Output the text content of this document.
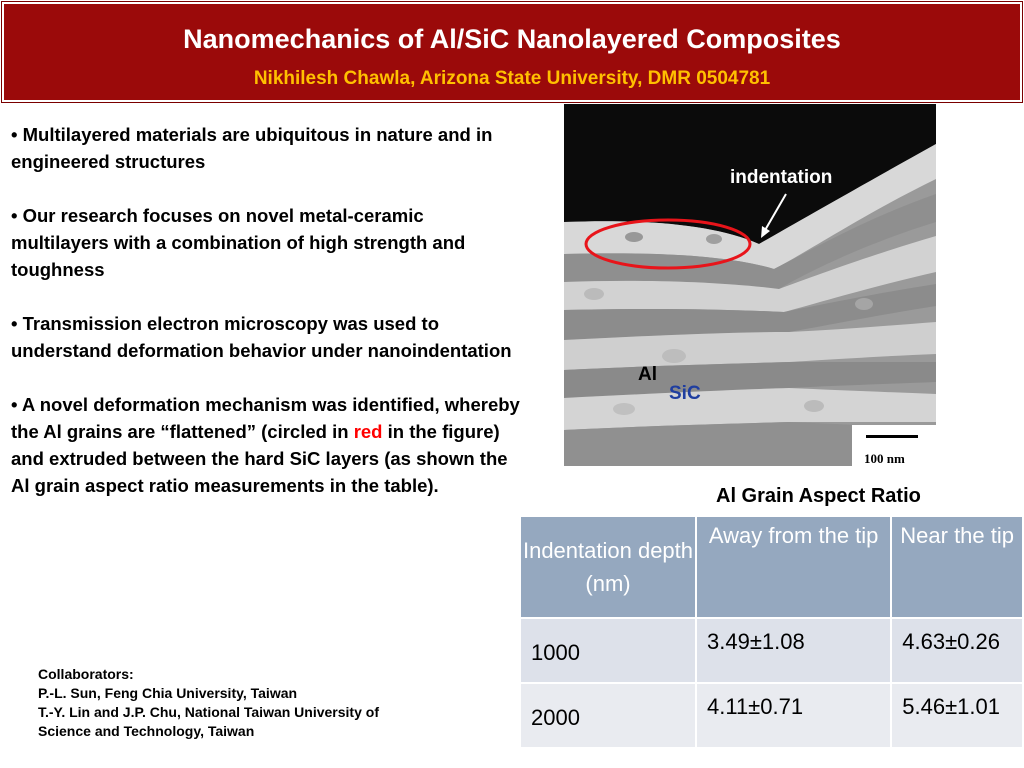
Nanomechanics of Al/SiC Nanolayered Composites
Nikhilesh Chawla, Arizona State University, DMR 0504781

• Multilayered materials are ubiquitous in nature and in engineered structures

• Our research focuses on novel metal-ceramic multilayers with a combination of high strength and toughness

• Transmission electron microscopy was used to understand deformation behavior under nanoindentation

• A novel deformation mechanism was identified, whereby the Al grains are “flattened” (circled in red in the figure) and extruded between the hard SiC layers (as shown the Al grain aspect ratio measurements in the table).

Collaborators:
P.-L. Sun, Feng Chia University, Taiwan
T.-Y. Lin and J.P. Chu, National Taiwan University of
Science and Technology, Taiwan
indentation
Al
SiC
100 nm
Al Grain Aspect Ratio
Indentation depth (nm)	Away from the tip	Near the tip
1000	3.49±1.08	4.63±0.26
2000	4.11±0.71	5.46±1.01
